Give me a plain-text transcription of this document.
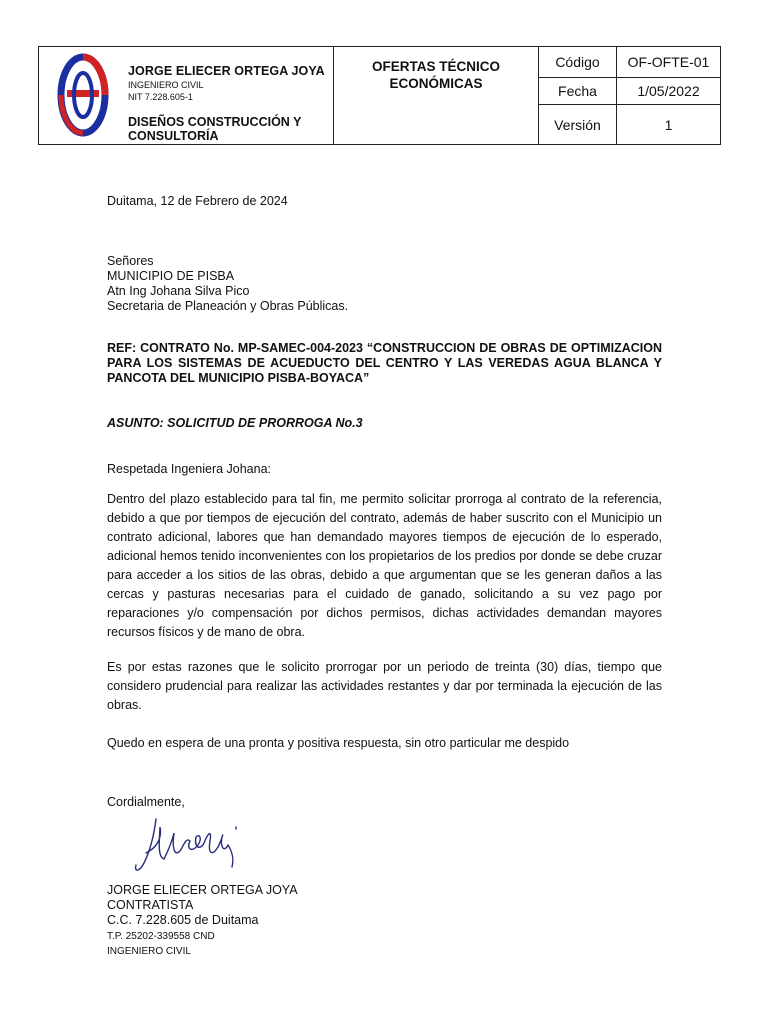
JORGE ELIECER ORTEGA JOYA
INGENIERO CIVIL
NIT 7.228.605-1
DISEÑOS CONSTRUCCIÓN Y CONSULTORÍA
OFERTAS TÉCNICO ECONÓMICAS
Código	OF-OFTE-01
Fecha	1/05/2022
Versión	1
Duitama, 12 de Febrero de 2024
Señores
MUNICIPIO DE PISBA
Atn Ing Johana Silva Pico
Secretaria de Planeación y Obras Públicas.
REF: CONTRATO No. MP-SAMEC-004-2023 “CONSTRUCCION DE OBRAS DE OPTIMIZACION PARA LOS SISTEMAS DE ACUEDUCTO DEL CENTRO Y LAS VEREDAS AGUA BLANCA Y PANCOTA DEL MUNICIPIO PISBA-BOYACA”
ASUNTO: SOLICITUD DE PRORROGA No.3
Respetada Ingeniera Johana:
Dentro del plazo establecido para tal fin, me permito solicitar prorroga al contrato de la referencia, debido a que por tiempos de ejecución del contrato, además de haber suscrito con el Municipio un contrato adicional, labores que han demandado mayores tiempos de ejecución de lo esperado, adicional hemos tenido inconvenientes con los propietarios de los predios por donde se debe cruzar para acceder a los sitios de las obras, debido a que argumentan que se les generan daños a las cercas y pasturas necesarias para el cuidado de ganado, solicitando a su vez pago por reparaciones y/o compensación por dichos permisos, dichas actividades demandan mayores recursos físicos y de mano de obra.
Es por estas razones que le solicito prorrogar por un periodo de treinta (30) días, tiempo que considero prudencial para realizar las actividades restantes y dar por terminada la ejecución de las obras.
Quedo en espera de una pronta y positiva respuesta, sin otro particular me despido
Cordialmente,
JORGE ELIECER ORTEGA JOYA
CONTRATISTA
C.C. 7.228.605 de Duitama
T.P. 25202-339558 CND
INGENIERO CIVIL
